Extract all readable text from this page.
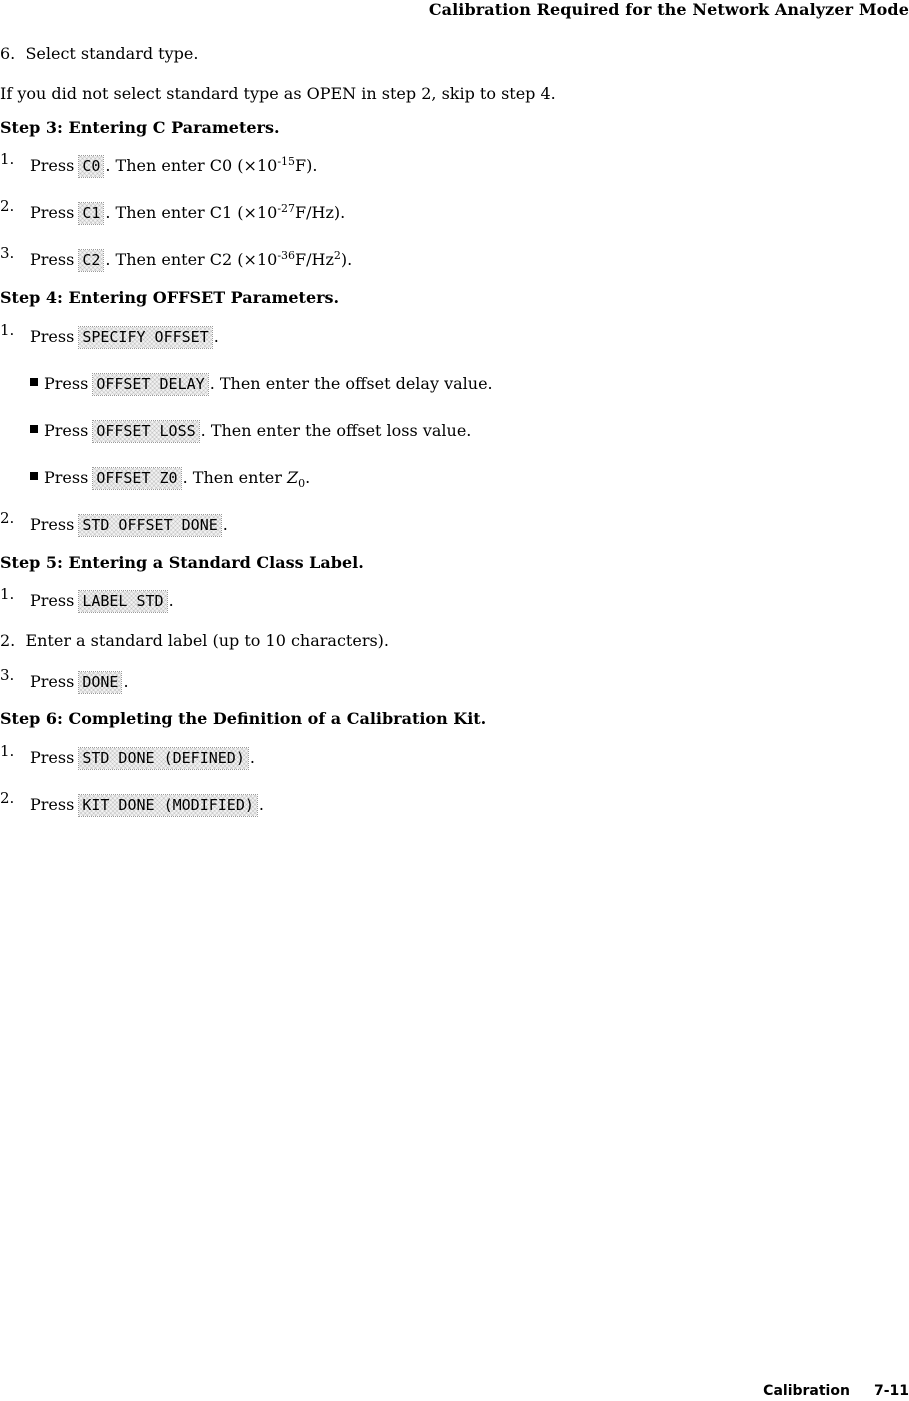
Calibration Required for the Network Analyzer Mode
6. Select standard type.
If you did not select standard type as OPEN in step 2, skip to step 4.
Step 3: Entering C Parameters.
1. Press C0 . Then enter C0 $(\times 10^{-15}F)$.
2. Press C1 . Then enter C1 $(\times 10^{-27}F/Hz)$.
3. Press C2 . Then enter C2 $(\times 10^{-36}F/Hz^2)$.
Step 4: Entering OFFSET Parameters.
1. Press SPECIFY OFFSET .
Press OFFSET DELAY . Then enter the offset delay value.
Press OFFSET LOSS . Then enter the offset loss value.
Press OFFSET Z0 . Then enter $Z_0$.
2. Press STD OFFSET DONE .
Step 5: Entering a Standard Class Label.
1. Press LABEL STD .
2. Enter a standard label (up to 10 characters).
3. Press DONE .
Step 6: Completing the Definition of a Calibration Kit.
1. Press STD DONE (DEFINED) .
2. Press KIT DONE (MODIFIED) .
Calibration 7-11
